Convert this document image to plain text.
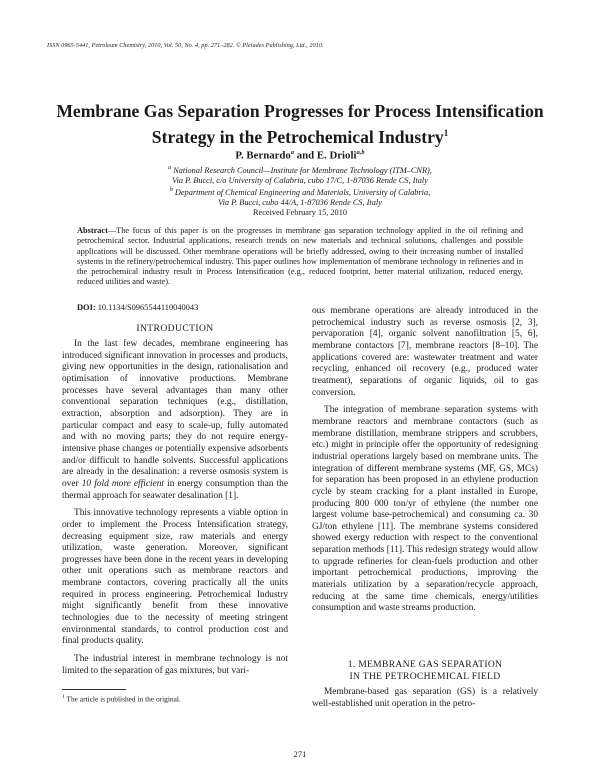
ISSN 0965-5441, Petroleum Chemistry, 2010, Vol. 50, No. 4, pp. 271–282. © Pleiades Publishing, Ltd., 2010.
Membrane Gas Separation Progresses for Process Intensification
Strategy in the Petrochemical Industry$^1$
P. Bernardo$^a$ and E. Drioli$^{a,b}$
$^a$ National Research Council—Institute for Membrane Technology (ITM–CNR),
Via P. Bucci, c/o University of Calabria, cubo 17/C, 1-87036 Rende CS, Italy
$^b$ Department of Chemical Engineering and Materials, University of Calabria,
Via P. Bucci, cubo 44/A, 1-87036 Rende CS, Italy
Received February 15, 2010
Abstract—The focus of this paper is on the progresses in membrane gas separation technology applied in the oil refining and petrochemical sector. Industrial applications, research trends on new materials and technical solutions, challenges and possible applications will be discussed. Other membrane operations will be briefly addressed, owing to their increasing number of installed systems in the refinery/petrochemical industry. This paper outlines how implementation of membrane technology in refineries and in the petrochemical industry result in Process Intensification (e.g., reduced footprint, better material utilization, reduced energy, reduced utilities and waste).
DOI: 10.1134/S0965544110040043
INTRODUCTION

In the last few decades, membrane engineering has introduced significant innovation in processes and products, giving new opportunities in the design, rationalisation and optimisation of innovative productions. Membrane processes have several advantages than many other conventional separation techniques (e.g., distillation, extraction, absorption and adsorption). They are in particular compact and easy to scale-up, fully automated and with no moving parts; they do not require energy-intensive phase changes or potentially expensive adsorbents and/or difficult to handle solvents. Successful applications are already in the desalination: a reverse osmosis system is over 10 fold more efficient in energy consumption than the thermal approach for seawater desalination [1].

This innovative technology represents a viable option in order to implement the Process Intensification strategy, decreasing equipment size, raw materials and energy utilization, waste generation. Moreover, significant progresses have been done in the recent years in developing other unit operations such as membrane reactors and membrane contactors, covering practically all the units required in process engineering. Petrochemical Industry might significantly benefit from these innovative technologies due to the necessity of meeting stringent environmental standards, to control production cost and final products quality.

The industrial interest in membrane technology is not limited to the separation of gas mixtures, but vari-

ous membrane operations are already introduced in the petrochemical industry such as reverse osmosis [2, 3], pervaporation [4], organic solvent nanofiltration [5, 6], membrane contactors [7], membrane reactors [8–10]. The applications covered are: wastewater treatment and water recycling, enhanced oil recovery (e.g., produced water treatment), separations of organic liquids, oil to gas conversion.

The integration of membrane separation systems with membrane reactors and membrane contactors (such as membrane distillation, membrane strippers and scrubbers, etc.) might in principle offer the opportunity of redesigning industrial operations largely based on membrane units. The integration of different membrane systems (MF, GS, MCs) for separation has been proposed in an ethylene production cycle by steam cracking for a plant installed in Europe, producing 800 000 ton/yr of ethylene (the number one largest volume base-petrochemical) and consuming ca. 30 GJ/ton ethylene [11]. The membrane systems considered showed exergy reduction with respect to the conventional separation methods [11]. This redesign strategy would allow to upgrade refineries for clean-fuels production and other important petrochemical productions, improving the materials utilization by a separation/recycle approach, reducing at the same time chemicals, energy/utilities consumption and waste streams production.

1. MEMBRANE GAS SEPARATION
IN THE PETROCHEMICAL FIELD

Membrane-based gas separation (GS) is a relatively well-established unit operation in the petro-

$^1$ The article is published in the original.
271
